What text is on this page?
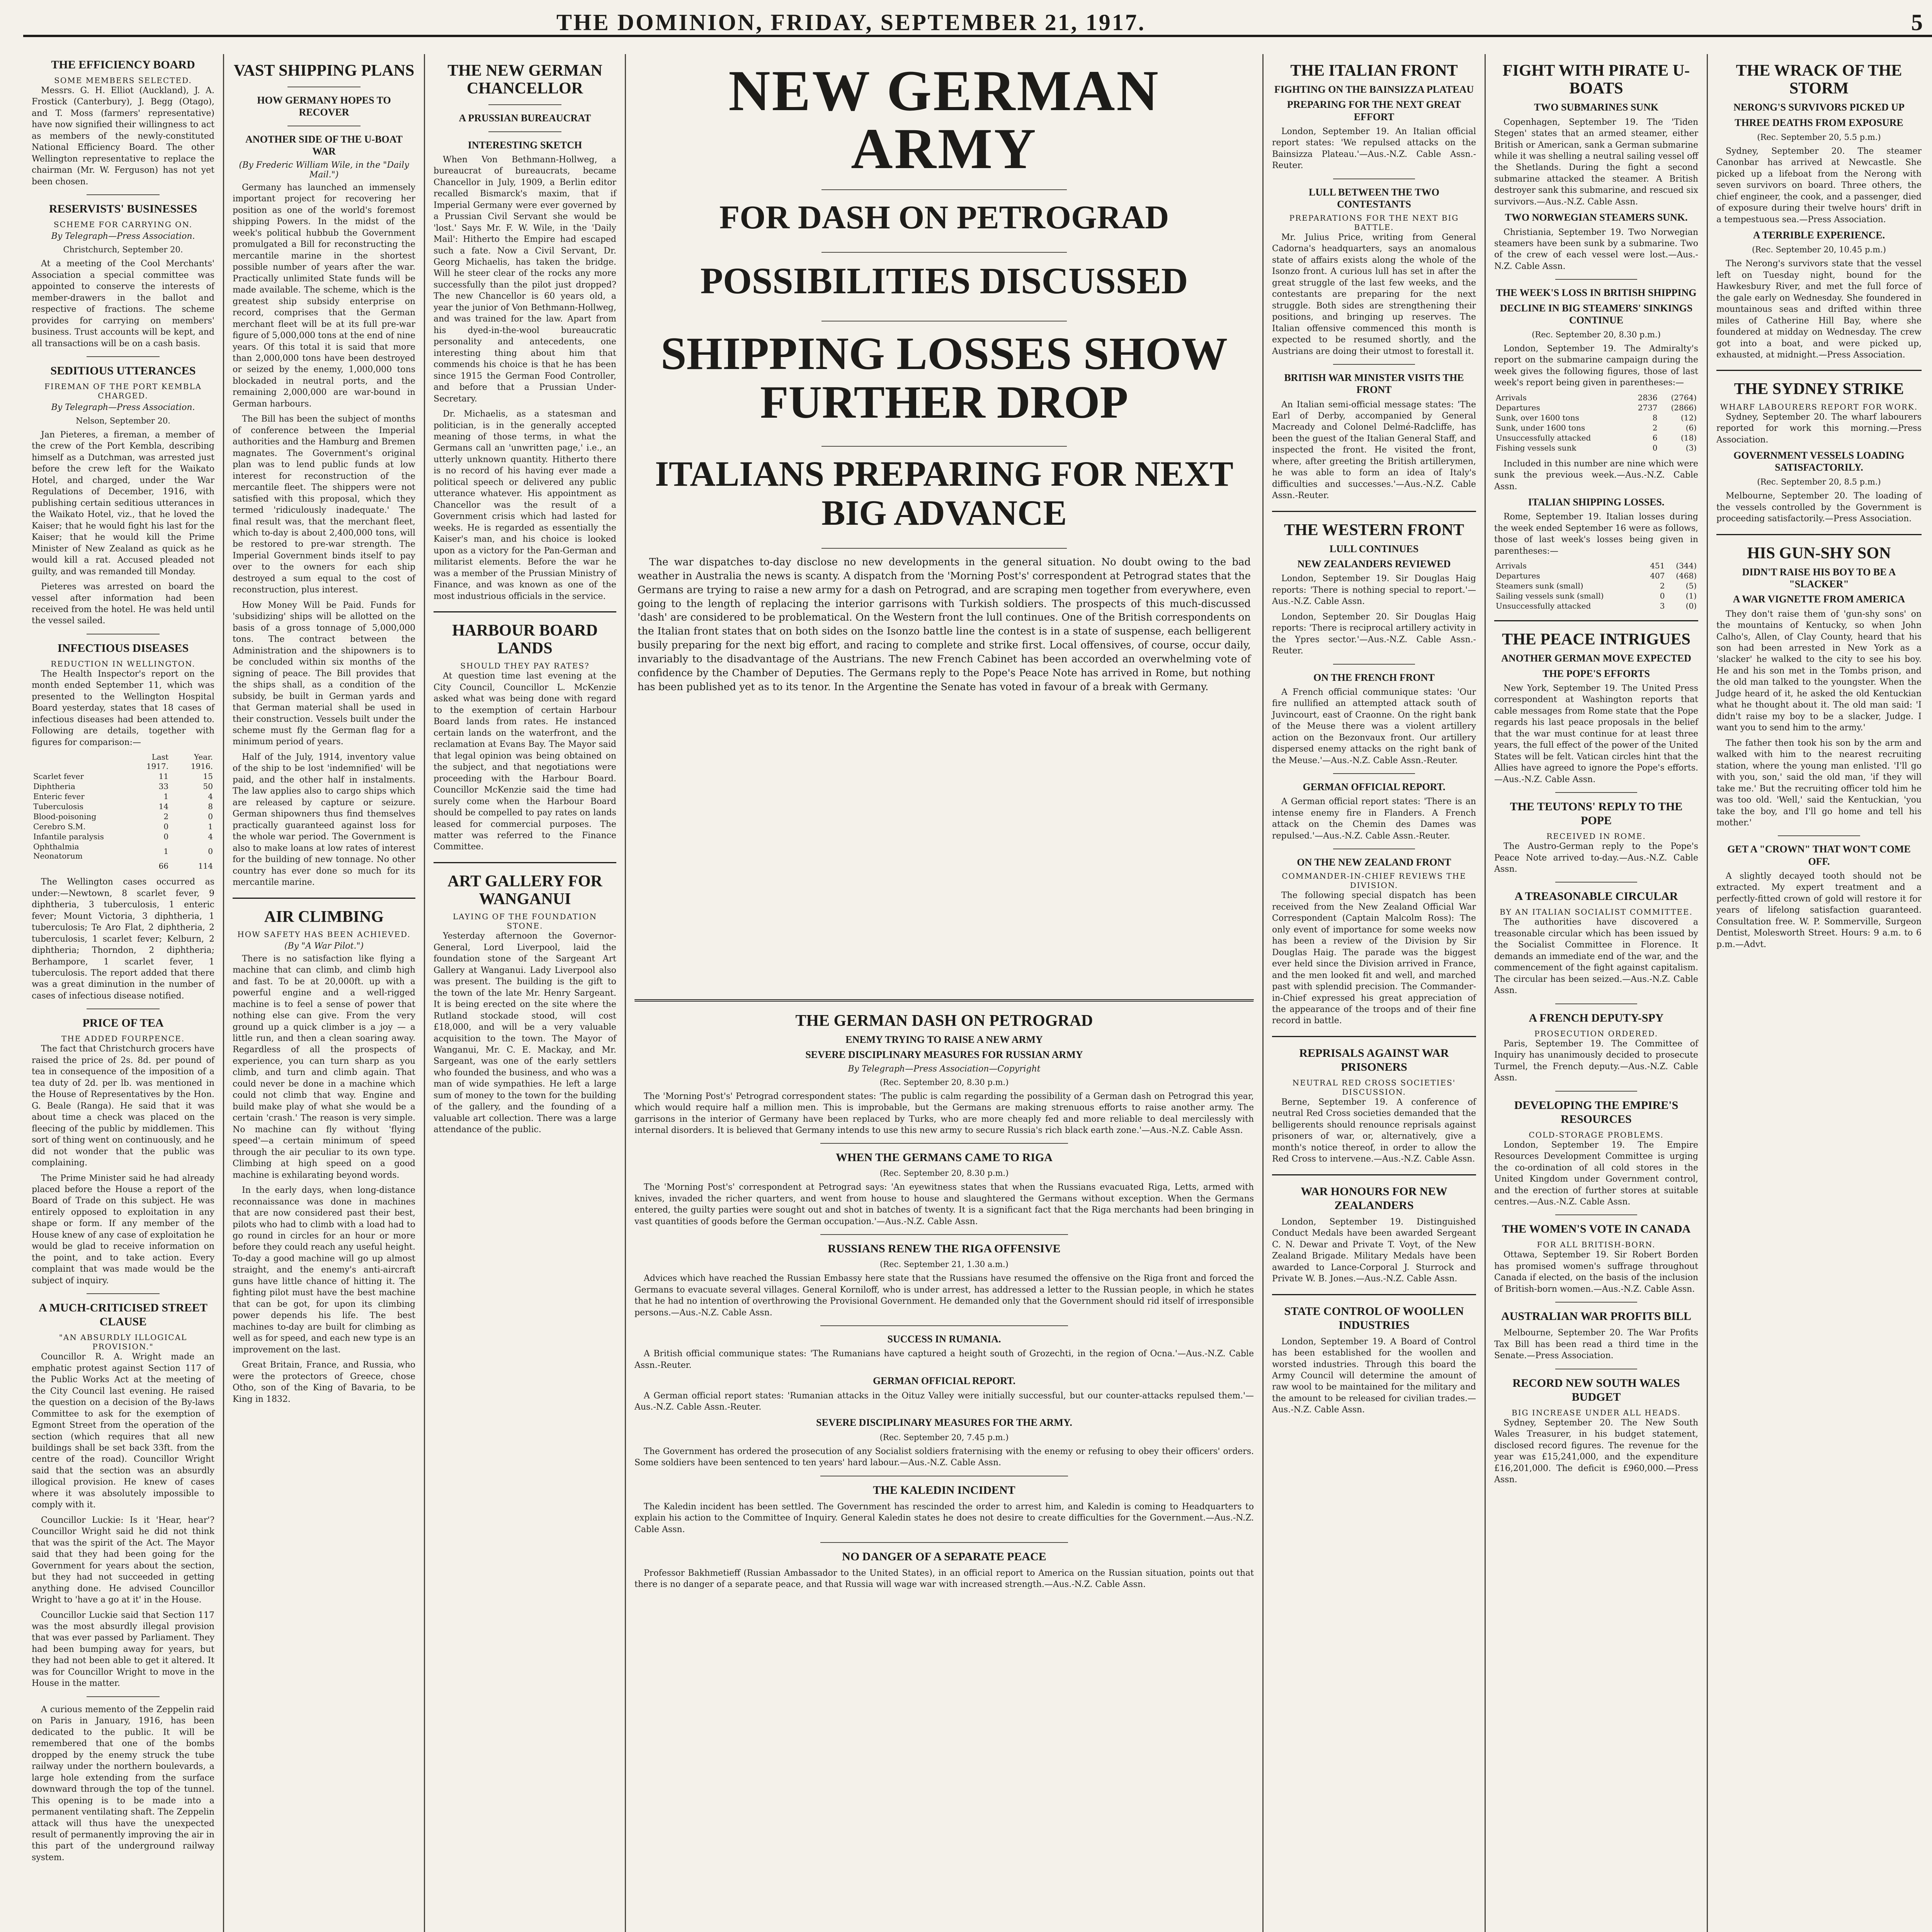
THE DOMINION, FRIDAY, SEPTEMBER 21, 1917.	5
THE EFFICIENCY BOARD
SOME MEMBERS SELECTED.

Messrs. G. H. Elliot (Auckland), J. A. Frostick (Canterbury), J. Begg (Otago), and T. Moss (farmers' representative) have now signified their willingness to act as members of the newly-constituted National Efficiency Board. The other Wellington representative to replace the chairman (Mr. W. Ferguson) has not yet been chosen.

RESERVISTS' BUSINESSES
SCHEME FOR CARRYING ON.
By Telegraph—Press Association.
Christchurch, September 20.

At a meeting of the Cool Merchants' Association a special committee was appointed to conserve the interests of member-drawers in the ballot and respective of fractions. The scheme provides for carrying on members' business. Trust accounts will be kept, and all transactions will be on a cash basis.

SEDITIOUS UTTERANCES
FIREMAN OF THE PORT KEMBLA CHARGED.
By Telegraph—Press Association.
Nelson, September 20.

Jan Pieteres, a fireman, a member of the crew of the Port Kembla, describing himself as a Dutchman, was arrested just before the crew left for the Waikato Hotel, and charged, under the War Regulations of December, 1916, with publishing certain seditious utterances in the Waikato Hotel, viz., that he loved the Kaiser; that he would fight his last for the Kaiser; that he would kill the Prime Minister of New Zealand as quick as he would kill a rat. Accused pleaded not guilty, and was remanded till Monday.

Pieteres was arrested on board the vessel after information had been received from the hotel. He was held until the vessel sailed.

INFECTIOUS DISEASES
REDUCTION IN WELLINGTON.

The Health Inspector's report on the month ended September 11, which was presented to the Wellington Hospital Board yesterday, states that 18 cases of infectious diseases had been attended to. Following are details, together with figures for comparison:—

	Last 1917.	Year. 1916.
Scarlet fever	11	15
Diphtheria	33	50
Enteric fever	1	4
Tuberculosis	14	8
Blood-poisoning	2	0
Cerebro S.M.	0	1
Infantile paralysis	0	4
Ophthalmia Neonatorum	1	0
	66	114

The Wellington cases occurred as under:—Newtown, 8 scarlet fever, 9 diphtheria, 3 tuberculosis, 1 enteric fever; Mount Victoria, 3 diphtheria, 1 tuberculosis; Te Aro Flat, 2 diphtheria, 2 tuberculosis, 1 scarlet fever; Kelburn, 2 diphtheria; Thorndon, 2 diphtheria; Berhampore, 1 scarlet fever, 1 tuberculosis. The report added that there was a great diminution in the number of cases of infectious disease notified.

PRICE OF TEA
THE ADDED FOURPENCE.

The fact that Christchurch grocers have raised the price of 2s. 8d. per pound of tea in consequence of the imposition of a tea duty of 2d. per lb. was mentioned in the House of Representatives by the Hon. G. Beale (Ranga). He said that it was about time a check was placed on the fleecing of the public by middlemen. This sort of thing went on continuously, and he did not wonder that the public was complaining.

The Prime Minister said he had already placed before the House a report of the Board of Trade on this subject. He was entirely opposed to exploitation in any shape or form. If any member of the House knew of any case of exploitation he would be glad to receive information on the point, and to take action. Every complaint that was made would be the subject of inquiry.

A MUCH-CRITICISED STREET CLAUSE
"AN ABSURDLY ILLOGICAL PROVISION."

Councillor R. A. Wright made an emphatic protest against Section 117 of the Public Works Act at the meeting of the City Council last evening. He raised the question on a decision of the By-laws Committee to ask for the exemption of Egmont Street from the operation of the section (which requires that all new buildings shall be set back 33ft. from the centre of the road). Councillor Wright said that the section was an absurdly illogical provision. He knew of cases where it was absolutely impossible to comply with it.

Councillor Luckie: Is it 'Hear, hear'? Councillor Wright said he did not think that was the spirit of the Act. The Mayor said that they had been going for the Government for years about the section, but they had not succeeded in getting anything done. He advised Councillor Wright to 'have a go at it' in the House.

Councillor Luckie said that Section 117 was the most absurdly illegal provision that was ever passed by Parliament. They had been bumping away for years, but they had not been able to get it altered. It was for Councillor Wright to move in the House in the matter.

A curious memento of the Zeppelin raid on Paris in January, 1916, has been dedicated to the public. It will be remembered that one of the bombs dropped by the enemy struck the tube railway under the northern boulevards, a large hole extending from the surface downward through the top of the tunnel. This opening is to be made into a permanent ventilating shaft. The Zeppelin attack will thus have the unexpected result of permanently improving the air in this part of the underground railway system.

VAST SHIPPING PLANS
HOW GERMANY HOPES TO RECOVER
ANOTHER SIDE OF THE U-BOAT WAR
(By Frederic William Wile, in the "Daily Mail.")

Germany has launched an immensely important project for recovering her position as one of the world's foremost shipping Powers. In the midst of the week's political hubbub the Government promulgated a Bill for reconstructing the mercantile marine in the shortest possible number of years after the war. Practically unlimited State funds will be made available. The scheme, which is the greatest ship subsidy enterprise on record, comprises that the German merchant fleet will be at its full pre-war figure of 5,000,000 tons at the end of nine years. Of this total it is said that more than 2,000,000 tons have been destroyed or seized by the enemy, 1,000,000 tons blockaded in neutral ports, and the remaining 2,000,000 are war-bound in German harbours.

The Bill has been the subject of months of conference between the Imperial authorities and the Hamburg and Bremen magnates. The Government's original plan was to lend public funds at low interest for reconstruction of the mercantile fleet. The shippers were not satisfied with this proposal, which they termed 'ridiculously inadequate.' The final result was, that the merchant fleet, which to-day is about 2,400,000 tons, will be restored to pre-war strength. The Imperial Government binds itself to pay over to the owners for each ship destroyed a sum equal to the cost of reconstruction, plus interest.

How Money Will be Paid. Funds for 'subsidizing' ships will be allotted on the basis of a gross tonnage of 5,000,000 tons. The contract between the Administration and the shipowners is to be concluded within six months of the signing of peace. The Bill provides that the ships shall, as a condition of the subsidy, be built in German yards and that German material shall be used in their construction. Vessels built under the scheme must fly the German flag for a minimum period of years.

Half of the July, 1914, inventory value of the ship to be lost 'indemnified' will be paid, and the other half in instalments. The law applies also to cargo ships which are released by capture or seizure. German shipowners thus find themselves practically guaranteed against loss for the whole war period. The Government is also to make loans at low rates of interest for the building of new tonnage. No other country has ever done so much for its mercantile marine.

AIR CLIMBING
HOW SAFETY HAS BEEN ACHIEVED.
(By "A War Pilot.")

There is no satisfaction like flying a machine that can climb, and climb high and fast. To be at 20,000ft. up with a powerful engine and a well-rigged machine is to feel a sense of power that nothing else can give. From the very ground up a quick climber is a joy — a little run, and then a clean soaring away. Regardless of all the prospects of experience, you can turn sharp as you climb, and turn and climb again. That could never be done in a machine which could not climb that way. Engine and build make play of what she would be a certain 'crash.' The reason is very simple. No machine can fly without 'flying speed'—a certain minimum of speed through the air peculiar to its own type. Climbing at high speed on a good machine is exhilarating beyond words.

In the early days, when long-distance reconnaissance was done in machines that are now considered past their best, pilots who had to climb with a load had to go round in circles for an hour or more before they could reach any useful height. To-day a good machine will go up almost straight, and the enemy's anti-aircraft guns have little chance of hitting it. The fighting pilot must have the best machine that can be got, for upon its climbing power depends his life. The best machines to-day are built for climbing as well as for speed, and each new type is an improvement on the last.

Great Britain, France, and Russia, who were the protectors of Greece, chose Otho, son of the King of Bavaria, to be King in 1832.

THE NEW GERMAN CHANCELLOR
A PRUSSIAN BUREAUCRAT
INTERESTING SKETCH

When Von Bethmann-Hollweg, a bureaucrat of bureaucrats, became Chancellor in July, 1909, a Berlin editor recalled Bismarck's maxim, that if Imperial Germany were ever governed by a Prussian Civil Servant she would be 'lost.' Says Mr. F. W. Wile, in the 'Daily Mail': Hitherto the Empire had escaped such a fate. Now a Civil Servant, Dr. Georg Michaelis, has taken the bridge. Will he steer clear of the rocks any more successfully than the pilot just dropped? The new Chancellor is 60 years old, a year the junior of Von Bethmann-Hollweg, and was trained for the law. Apart from his dyed-in-the-wool bureaucratic personality and antecedents, one interesting thing about him that commends his choice is that he has been since 1915 the German Food Controller, and before that a Prussian Under-Secretary.

Dr. Michaelis, as a statesman and politician, is in the generally accepted meaning of those terms, in what the Germans call an 'unwritten page,' i.e., an utterly unknown quantity. Hitherto there is no record of his having ever made a political speech or delivered any public utterance whatever. His appointment as Chancellor was the result of a Government crisis which had lasted for weeks. He is regarded as essentially the Kaiser's man, and his choice is looked upon as a victory for the Pan-German and militarist elements. Before the war he was a member of the Prussian Ministry of Finance, and was known as one of the most industrious officials in the service.

HARBOUR BOARD LANDS
SHOULD THEY PAY RATES?

At question time last evening at the City Council, Councillor L. McKenzie asked what was being done with regard to the exemption of certain Harbour Board lands from rates. He instanced certain lands on the waterfront, and the reclamation at Evans Bay. The Mayor said that legal opinion was being obtained on the subject, and that negotiations were proceeding with the Harbour Board. Councillor McKenzie said the time had surely come when the Harbour Board should be compelled to pay rates on lands leased for commercial purposes. The matter was referred to the Finance Committee.

ART GALLERY FOR WANGANUI
LAYING OF THE FOUNDATION STONE.

Yesterday afternoon the Governor-General, Lord Liverpool, laid the foundation stone of the Sargeant Art Gallery at Wanganui. Lady Liverpool also was present. The building is the gift to the town of the late Mr. Henry Sargeant. It is being erected on the site where the Rutland stockade stood, will cost £18,000, and will be a very valuable acquisition to the town. The Mayor of Wanganui, Mr. C. E. Mackay, and Mr. Sargeant, was one of the early settlers who founded the business, and who was a man of wide sympathies. He left a large sum of money to the town for the building of the gallery, and the founding of a valuable art collection. There was a large attendance of the public.

NEW GERMAN ARMY
FOR DASH ON PETROGRAD
POSSIBILITIES DISCUSSED
SHIPPING LOSSES SHOW FURTHER DROP
ITALIANS PREPARING FOR NEXT BIG ADVANCE

The war dispatches to-day disclose no new developments in the general situation. No doubt owing to the bad weather in Australia the news is scanty. A dispatch from the 'Morning Post's' correspondent at Petrograd states that the Germans are trying to raise a new army for a dash on Petrograd, and are scraping men together from everywhere, even going to the length of replacing the interior garrisons with Turkish soldiers. The prospects of this much-discussed 'dash' are considered to be problematical. On the Western front the lull continues. One of the British correspondents on the Italian front states that on both sides on the Isonzo battle line the contest is in a state of suspense, each belligerent busily preparing for the next big effort, and racing to complete and strike first. Local offensives, of course, occur daily, invariably to the disadvantage of the Austrians. The new French Cabinet has been accorded an overwhelming vote of confidence by the Chamber of Deputies. The Germans reply to the Pope's Peace Note has arrived in Rome, but nothing has been published yet as to its tenor. In the Argentine the Senate has voted in favour of a break with Germany.

THE GERMAN DASH ON PETROGRAD
ENEMY TRYING TO RAISE A NEW ARMY
SEVERE DISCIPLINARY MEASURES FOR RUSSIAN ARMY
By Telegraph—Press Association—Copyright
(Rec. September 20, 8.30 p.m.)

The 'Morning Post's' Petrograd correspondent states: 'The public is calm regarding the possibility of a German dash on Petrograd this year, which would require half a million men. This is improbable, but the Germans are making strenuous efforts to raise another army. The garrisons in the interior of Germany have been replaced by Turks, who are more cheaply fed and more reliable to deal mercilessly with internal disorders. It is believed that Germany intends to use this new army to secure Russia's rich black earth zone.'—Aus.-N.Z. Cable Assn.

WHEN THE GERMANS CAME TO RIGA
(Rec. September 20, 8.30 p.m.)

The 'Morning Post's' correspondent at Petrograd says: 'An eyewitness states that when the Russians evacuated Riga, Letts, armed with knives, invaded the richer quarters, and went from house to house and slaughtered the Germans without exception. When the Germans entered, the guilty parties were sought out and shot in batches of twenty. It is a significant fact that the Riga merchants had been bringing in vast quantities of goods before the German occupation.'—Aus.-N.Z. Cable Assn.

RUSSIANS RENEW THE RIGA OFFENSIVE
(Rec. September 21, 1.30 a.m.)

Advices which have reached the Russian Embassy here state that the Russians have resumed the offensive on the Riga front and forced the Germans to evacuate several villages. General Korniloff, who is under arrest, has addressed a letter to the Russian people, in which he states that he had no intention of overthrowing the Provisional Government. He demanded only that the Government should rid itself of irresponsible persons.—Aus.-N.Z. Cable Assn.

SUCCESS IN RUMANIA.

A British official communique states: 'The Rumanians have captured a height south of Grozechti, in the region of Ocna.'—Aus.-N.Z. Cable Assn.-Reuter.

GERMAN OFFICIAL REPORT.

A German official report states: 'Rumanian attacks in the Oituz Valley were initially successful, but our counter-attacks repulsed them.'—Aus.-N.Z. Cable Assn.-Reuter.

SEVERE DISCIPLINARY MEASURES FOR THE ARMY.
(Rec. September 20, 7.45 p.m.)

The Government has ordered the prosecution of any Socialist soldiers fraternising with the enemy or refusing to obey their officers' orders. Some soldiers have been sentenced to ten years' hard labour.—Aus.-N.Z. Cable Assn.

THE KALEDIN INCIDENT

The Kaledin incident has been settled. The Government has rescinded the order to arrest him, and Kaledin is coming to Headquarters to explain his action to the Committee of Inquiry. General Kaledin states he does not desire to create difficulties for the Government.—Aus.-N.Z. Cable Assn.

NO DANGER OF A SEPARATE PEACE

Professor Bakhmetieff (Russian Ambassador to the United States), in an official report to America on the Russian situation, points out that there is no danger of a separate peace, and that Russia will wage war with increased strength.—Aus.-N.Z. Cable Assn.

THE ITALIAN FRONT
FIGHTING ON THE BAINSIZZA PLATEAU
PREPARING FOR THE NEXT GREAT EFFORT

London, September 19. An Italian official report states: 'We repulsed attacks on the Bainsizza Plateau.'—Aus.-N.Z. Cable Assn.-Reuter.

LULL BETWEEN THE TWO CONTESTANTS
PREPARATIONS FOR THE NEXT BIG BATTLE.

Mr. Julius Price, writing from General Cadorna's headquarters, says an anomalous state of affairs exists along the whole of the Isonzo front. A curious lull has set in after the great struggle of the last few weeks, and the contestants are preparing for the next struggle. Both sides are strengthening their positions, and bringing up reserves. The Italian offensive commenced this month is expected to be resumed shortly, and the Austrians are doing their utmost to forestall it.

BRITISH WAR MINISTER VISITS THE FRONT

An Italian semi-official message states: 'The Earl of Derby, accompanied by General Macready and Colonel Delmé-Radcliffe, has been the guest of the Italian General Staff, and inspected the front. He visited the front, where, after greeting the British artillerymen, he was able to form an idea of Italy's difficulties and successes.'—Aus.-N.Z. Cable Assn.-Reuter.

THE WESTERN FRONT
LULL CONTINUES
NEW ZEALANDERS REVIEWED

London, September 19. Sir Douglas Haig reports: 'There is nothing special to report.'—Aus.-N.Z. Cable Assn.

London, September 20. Sir Douglas Haig reports: 'There is reciprocal artillery activity in the Ypres sector.'—Aus.-N.Z. Cable Assn.-Reuter.

ON THE FRENCH FRONT

A French official communique states: 'Our fire nullified an attempted attack south of Juvincourt, east of Craonne. On the right bank of the Meuse there was a violent artillery action on the Bezonvaux front. Our artillery dispersed enemy attacks on the right bank of the Meuse.'—Aus.-N.Z. Cable Assn.-Reuter.

GERMAN OFFICIAL REPORT.

A German official report states: 'There is an intense enemy fire in Flanders. A French attack on the Chemin des Dames was repulsed.'—Aus.-N.Z. Cable Assn.-Reuter.

ON THE NEW ZEALAND FRONT
COMMANDER-IN-CHIEF REVIEWS THE DIVISION.

The following special dispatch has been received from the New Zealand Official War Correspondent (Captain Malcolm Ross): The only event of importance for some weeks now has been a review of the Division by Sir Douglas Haig. The parade was the biggest ever held since the Division arrived in France, and the men looked fit and well, and marched past with splendid precision. The Commander-in-Chief expressed his great appreciation of the appearance of the troops and of their fine record in battle.

REPRISALS AGAINST WAR PRISONERS
NEUTRAL RED CROSS SOCIETIES' DISCUSSION.

Berne, September 19. A conference of neutral Red Cross societies demanded that the belligerents should renounce reprisals against prisoners of war, or, alternatively, give a month's notice thereof, in order to allow the Red Cross to intervene.—Aus.-N.Z. Cable Assn.

WAR HONOURS FOR NEW ZEALANDERS

London, September 19. Distinguished Conduct Medals have been awarded Sergeant C. N. Dewar and Private T. Voyt, of the New Zealand Brigade. Military Medals have been awarded to Lance-Corporal J. Sturrock and Private W. B. Jones.—Aus.-N.Z. Cable Assn.

STATE CONTROL OF WOOLLEN INDUSTRIES

London, September 19. A Board of Control has been established for the woollen and worsted industries. Through this board the Army Council will determine the amount of raw wool to be maintained for the military and the amount to be released for civilian trades.—Aus.-N.Z. Cable Assn.

FIGHT WITH PIRATE U-BOATS
TWO SUBMARINES SUNK

Copenhagen, September 19. The 'Tiden Stegen' states that an armed steamer, either British or American, sank a German submarine while it was shelling a neutral sailing vessel off the Shetlands. During the fight a second submarine attacked the steamer. A British destroyer sank this submarine, and rescued six survivors.—Aus.-N.Z. Cable Assn.

TWO NORWEGIAN STEAMERS SUNK.

Christiania, September 19. Two Norwegian steamers have been sunk by a submarine. Two of the crew of each vessel were lost.—Aus.-N.Z. Cable Assn.

THE WEEK'S LOSS IN BRITISH SHIPPING
DECLINE IN BIG STEAMERS' SINKINGS CONTINUE
(Rec. September 20, 8.30 p.m.)

London, September 19. The Admiralty's report on the submarine campaign during the week gives the following figures, those of last week's report being given in parentheses:—

Arrivals	2836	(2764)
Departures	2737	(2866)
Sunk, over 1600 tons	8	(12)
Sunk, under 1600 tons	2	(6)
Unsuccessfully attacked	6	(18)
Fishing vessels sunk	0	(3)

Included in this number are nine which were sunk the previous week.—Aus.-N.Z. Cable Assn.

ITALIAN SHIPPING LOSSES.

Rome, September 19. Italian losses during the week ended September 16 were as follows, those of last week's losses being given in parentheses:—

Arrivals	451	(344)
Departures	407	(468)
Steamers sunk (small)	2	(5)
Sailing vessels sunk (small)	0	(1)
Unsuccessfully attacked	3	(0)
THE PEACE INTRIGUES
ANOTHER GERMAN MOVE EXPECTED
THE POPE'S EFFORTS

New York, September 19. The United Press correspondent at Washington reports that cable messages from Rome state that the Pope regards his last peace proposals in the belief that the war must continue for at least three years, the full effect of the power of the United States will be felt. Vatican circles hint that the Allies have agreed to ignore the Pope's efforts.—Aus.-N.Z. Cable Assn.

THE TEUTONS' REPLY TO THE POPE
RECEIVED IN ROME.

The Austro-German reply to the Pope's Peace Note arrived to-day.—Aus.-N.Z. Cable Assn.

A TREASONABLE CIRCULAR
BY AN ITALIAN SOCIALIST COMMITTEE.

The authorities have discovered a treasonable circular which has been issued by the Socialist Committee in Florence. It demands an immediate end of the war, and the commencement of the fight against capitalism. The circular has been seized.—Aus.-N.Z. Cable Assn.

A FRENCH DEPUTY-SPY
PROSECUTION ORDERED.

Paris, September 19. The Committee of Inquiry has unanimously decided to prosecute Turmel, the French deputy.—Aus.-N.Z. Cable Assn.

DEVELOPING THE EMPIRE'S RESOURCES
COLD-STORAGE PROBLEMS.

London, September 19. The Empire Resources Development Committee is urging the co-ordination of all cold stores in the United Kingdom under Government control, and the erection of further stores at suitable centres.—Aus.-N.Z. Cable Assn.

THE WOMEN'S VOTE IN CANADA
FOR ALL BRITISH-BORN.

Ottawa, September 19. Sir Robert Borden has promised women's suffrage throughout Canada if elected, on the basis of the inclusion of British-born women.—Aus.-N.Z. Cable Assn.

AUSTRALIAN WAR PROFITS BILL

Melbourne, September 20. The War Profits Tax Bill has been read a third time in the Senate.—Press Association.

RECORD NEW SOUTH WALES BUDGET
BIG INCREASE UNDER ALL HEADS.

Sydney, September 20. The New South Wales Treasurer, in his budget statement, disclosed record figures. The revenue for the year was £15,241,000, and the expenditure £16,201,000. The deficit is £960,000.—Press Assn.

THE WRACK OF THE STORM
NERONG'S SURVIVORS PICKED UP
THREE DEATHS FROM EXPOSURE
(Rec. September 20, 5.5 p.m.)

Sydney, September 20. The steamer Canonbar has arrived at Newcastle. She picked up a lifeboat from the Nerong with seven survivors on board. Three others, the chief engineer, the cook, and a passenger, died of exposure during their twelve hours' drift in a tempestuous sea.—Press Association.

A TERRIBLE EXPERIENCE.
(Rec. September 20, 10.45 p.m.)

The Nerong's survivors state that the vessel left on Tuesday night, bound for the Hawkesbury River, and met the full force of the gale early on Wednesday. She foundered in mountainous seas and drifted within three miles of Catherine Hill Bay, where she foundered at midday on Wednesday. The crew got into a boat, and were picked up, exhausted, at midnight.—Press Association.

THE SYDNEY STRIKE
WHARF LABOURERS REPORT FOR WORK.

Sydney, September 20. The wharf labourers reported for work this morning.—Press Association.

GOVERNMENT VESSELS LOADING SATISFACTORILY.
(Rec. September 20, 8.5 p.m.)

Melbourne, September 20. The loading of the vessels controlled by the Government is proceeding satisfactorily.—Press Association.

HIS GUN-SHY SON
DIDN'T RAISE HIS BOY TO BE A "SLACKER"
A WAR VIGNETTE FROM AMERICA

They don't raise them of 'gun-shy sons' on the mountains of Kentucky, so when John Calho's, Allen, of Clay County, heard that his son had been arrested in New York as a 'slacker' he walked to the city to see his boy. He and his son met in the Tombs prison, and the old man talked to the youngster. When the Judge heard of it, he asked the old Kentuckian what he thought about it. The old man said: 'I didn't raise my boy to be a slacker, Judge. I want you to send him to the army.'

The father then took his son by the arm and walked with him to the nearest recruiting station, where the young man enlisted. 'I'll go with you, son,' said the old man, 'if they will take me.' But the recruiting officer told him he was too old. 'Well,' said the Kentuckian, 'you take the boy, and I'll go home and tell his mother.'

GET A "CROWN" THAT WON'T COME OFF.

A slightly decayed tooth should not be extracted. My expert treatment and a perfectly-fitted crown of gold will restore it for years of lifelong satisfaction guaranteed. Consultation free. W. P. Sommerville, Surgeon Dentist, Molesworth Street. Hours: 9 a.m. to 6 p.m.—Advt.
